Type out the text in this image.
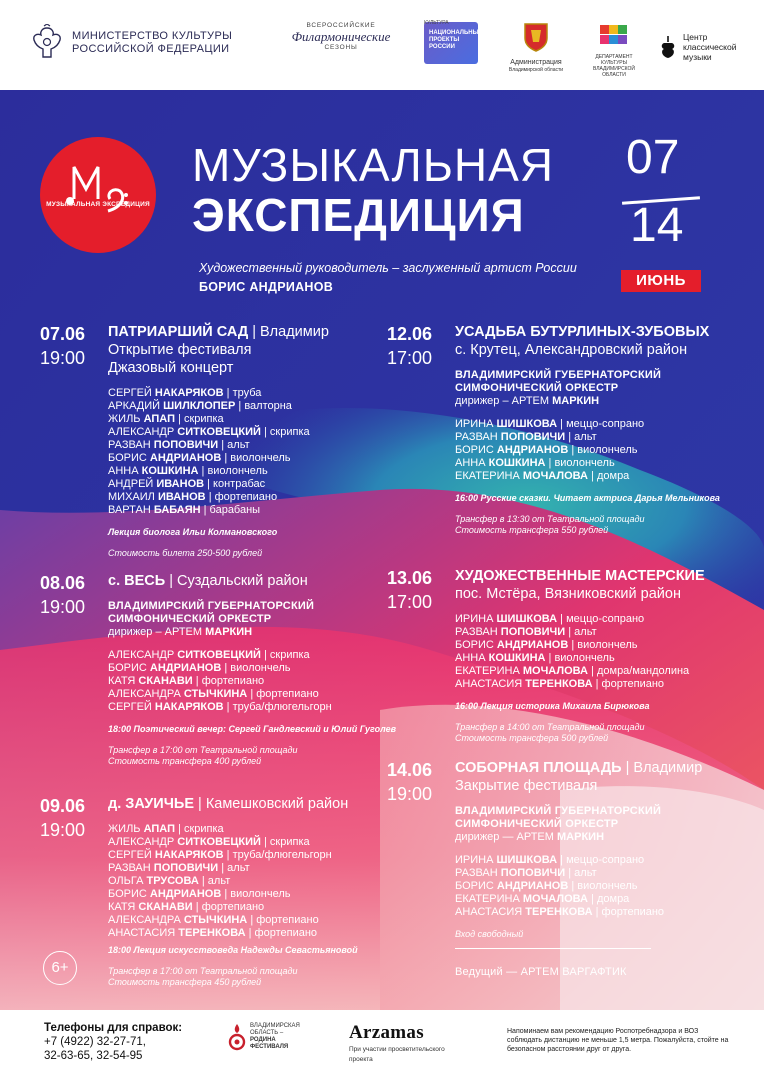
МИНИСТЕРСТВО КУЛЬТУРЫ
РОССИЙСКОЙ ФЕДЕРАЦИИ
ВСЕРОССИЙСКИЕ
Филармонические
СЕЗОНЫ
КУЛЬТУРА
НАЦИОНАЛЬНЫЕ
ПРОЕКТЫ
РОССИИ
Администрация
Владимирской области
ДЕПАРТАМЕНТ КУЛЬТУРЫ
ВЛАДИМИРСКОЙ ОБЛАСТИ
Центр
классической
музыки
МУЗЫКАЛЬНАЯ ЭКСПЕДИЦИЯ
МУЗЫКАЛЬНАЯ
ЭКСПЕДИЦИЯ
07
14
ИЮНЬ
Художественный руководитель – заслуженный артист России
БОРИС АНДРИАНОВ
07.06
19:00
ПАТРИАРШИЙ САД | Владимир
Открытие фестиваля
Джазовый концерт
СЕРГЕЙ НАКАРЯКОВ | труба
АРКАДИЙ ШИЛКЛОПЕР | валторна
ЖИЛЬ АПАП | скрипка
АЛЕКСАНДР СИТКОВЕЦКИЙ | скрипка
РАЗВАН ПОПОВИЧИ | альт
БОРИС АНДРИАНОВ | виолончель
АННА КОШКИНА | виолончель
АНДРЕЙ ИВАНОВ | контрабас
МИХАИЛ ИВАНОВ | фортепиано
ВАРТАН БАБАЯН | барабаны
Лекция биолога Ильи Колмановского
Стоимость билета 250-500 рублей
08.06
19:00
с. ВЕСЬ | Суздальский район
ВЛАДИМИРСКИЙ ГУБЕРНАТОРСКИЙ
СИМФОНИЧЕСКИЙ ОРКЕСТР
дирижер – АРТЕМ МАРКИН
АЛЕКСАНДР СИТКОВЕЦКИЙ | скрипка
БОРИС АНДРИАНОВ | виолончель
КАТЯ СКАНАВИ | фортепиано
АЛЕКСАНДРА СТЫЧКИНА | фортепиано
СЕРГЕЙ НАКАРЯКОВ | труба/флюгельгорн
18:00 Поэтический вечер: Сергей Гандлевский и Юлий Гуголев
Трансфер в 17:00 от Театральной площади
Стоимость трансфера 400 рублей
09.06
19:00
д. ЗАУИЧЬЕ | Камешковский район
ЖИЛЬ АПАП | скрипка
АЛЕКСАНДР СИТКОВЕЦКИЙ | скрипка
СЕРГЕЙ НАКАРЯКОВ | труба/флюгельгорн
РАЗВАН ПОПОВИЧИ | альт
ОЛЬГА ТРУСОВА | альт
БОРИС АНДРИАНОВ | виолончель
КАТЯ СКАНАВИ | фортепиано
АЛЕКСАНДРА СТЫЧКИНА | фортепиано
АНАСТАСИЯ ТЕРЕНКОВА | фортепиано
18:00 Лекция искусствоведа Надежды Севастьяновой
Трансфер в 17:00 от Театральной площади
Стоимость трансфера 450 рублей
12.06
17:00
УСАДЬБА БУТУРЛИНЫХ-ЗУБОВЫХ
с. Крутец, Александровский район
ВЛАДИМИРСКИЙ ГУБЕРНАТОРСКИЙ
СИМФОНИЧЕСКИЙ ОРКЕСТР
дирижер – АРТЕМ МАРКИН
ИРИНА ШИШКОВА | меццо-сопрано
РАЗВАН ПОПОВИЧИ | альт
БОРИС АНДРИАНОВ | виолончель
АННА КОШКИНА | виолончель
ЕКАТЕРИНА МОЧАЛОВА | домра
16:00 Русские сказки. Читает актриса Дарья Мельникова
Трансфер в 13:30 от Театральной площади
Стоимость трансфера 550 рублей
13.06
17:00
ХУДОЖЕСТВЕННЫЕ МАСТЕРСКИЕ
пос. Мстёра, Вязниковский район
ИРИНА ШИШКОВА | меццо-сопрано
РАЗВАН ПОПОВИЧИ | альт
БОРИС АНДРИАНОВ | виолончель
АННА КОШКИНА | виолончель
ЕКАТЕРИНА МОЧАЛОВА | домра/мандолина
АНАСТАСИЯ ТЕРЕНКОВА | фортепиано
16:00 Лекция историка Михаила Бирюкова
Трансфер в 14:00 от Театральной площади
Стоимость трансфера 500 рублей
14.06
19:00
СОБОРНАЯ ПЛОЩАДЬ | Владимир
Закрытие фестиваля
ВЛАДИМИРСКИЙ ГУБЕРНАТОРСКИЙ
СИМФОНИЧЕСКИЙ ОРКЕСТР
дирижер — АРТЕМ МАРКИН
ИРИНА ШИШКОВА | меццо-сопрано
РАЗВАН ПОПОВИЧИ | альт
БОРИС АНДРИАНОВ | виолончель
ЕКАТЕРИНА МОЧАЛОВА | домра
АНАСТАСИЯ ТЕРЕНКОВА | фортепиано
Вход свободный
6+	Ведущий — АРТЕМ ВАРГАФТИК
Телефоны для справок:
+7 (4922) 32-27-71,
32-63-65, 32-54-95
ВЛАДИМИРСКАЯ
ОБЛАСТЬ –
РОДИНА
ФЕСТИВАЛЯ
Arzamas
При участии просветительского
проекта
Напоминаем вам рекомендацию Роспотребнадзора и ВОЗ соблюдать дистанцию не меньше 1,5 метра. Пожалуйста, стойте на безопасном расстоянии друг от друга.
